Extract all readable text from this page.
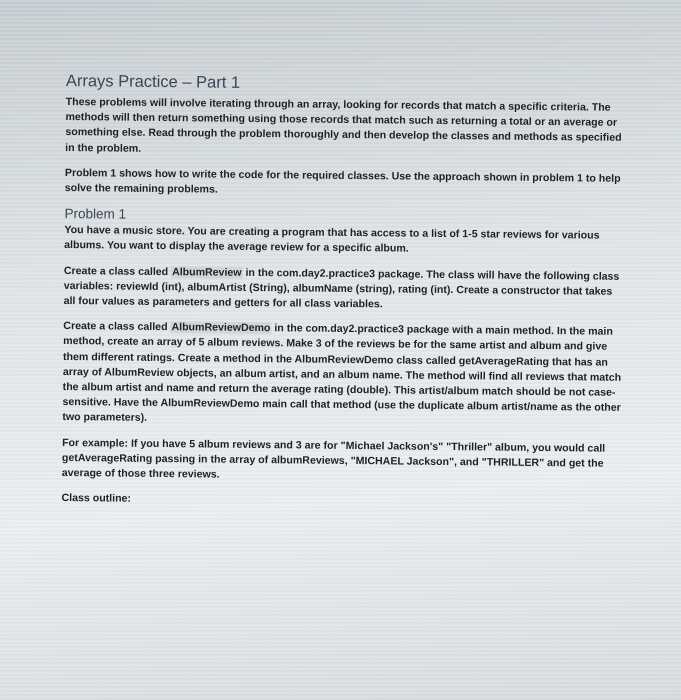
Arrays Practice – Part 1

These problems will involve iterating through an array, looking for records that match a specific criteria. The methods will then return something using those records that match such as returning a total or an average or something else. Read through the problem thoroughly and then develop the classes and methods as specified in the problem.

Problem 1 shows how to write the code for the required classes. Use the approach shown in problem 1 to help solve the remaining problems.

Problem 1

You have a music store. You are creating a program that has access to a list of 1-5 star reviews for various albums. You want to display the average review for a specific album.

Create a class called AlbumReview in the com.day2.practice3 package. The class will have the following class variables: reviewId (int), albumArtist (String), albumName (string), rating (int). Create a constructor that takes all four values as parameters and getters for all class variables.

Create a class called AlbumReviewDemo in the com.day2.practice3 package with a main method. In the main method, create an array of 5 album reviews. Make 3 of the reviews be for the same artist and album and give them different ratings. Create a method in the AlbumReviewDemo class called getAverageRating that has an array of AlbumReview objects, an album artist, and an album name. The method will find all reviews that match the album artist and name and return the average rating (double). This artist/album match should be not case-sensitive. Have the AlbumReviewDemo main call that method (use the duplicate album artist/name as the other two parameters).

For example: If you have 5 album reviews and 3 are for "Michael Jackson's" "Thriller" album, you would call getAverageRating passing in the array of albumReviews, "MICHAEL Jackson", and "THRILLER" and get the average of those three reviews.

Class outline:
